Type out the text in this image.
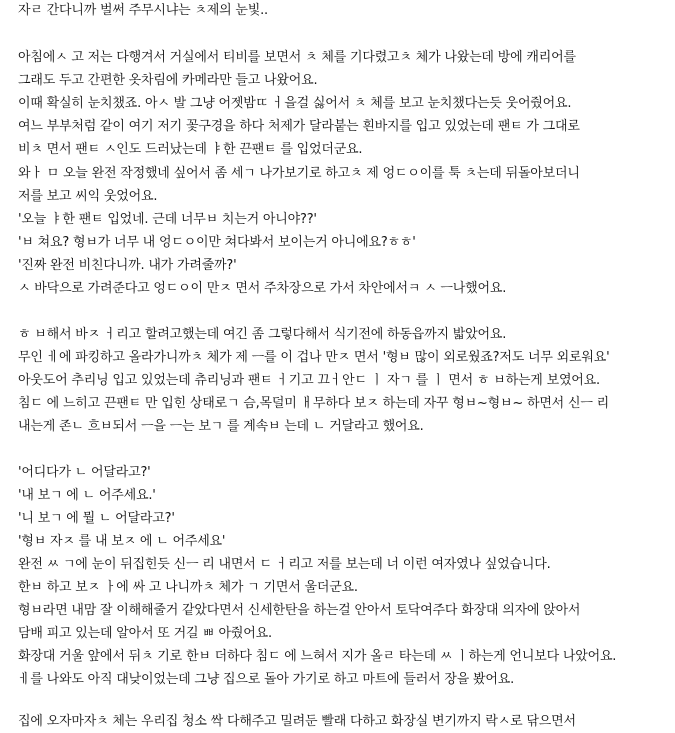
자ㄹ 간다니까 벌써 주무시냐는 ㅊ제의 눈빛..
아침에ㅅ 고 저는 다행겨서 거실에서 티비를 보면서 ㅊ 체를 기다렸고ㅊ 체가 나왔는데 방에 캐리어를
그래도 두고 간편한 옷차림에 카메라만 들고 나왔어요.
이때 확실히 눈치챘죠. 아ㅅ 발 그냥 어젯밤ㄸ ㅓ을걸 싫어서 ㅊ 체를 보고 눈치챘다는듯 웃어줬어요.
여느 부부처럼 같이 여기 저기 꽃구경을 하다 처제가 달라붙는 흰바지를 입고 있었는데 팬ㅌ 가 그대로
비ㅊ 면서 팬ㅌ ㅅ인도 드러났는데 ㅑ한 끈팬ㅌ 를 입었더군요.
와ㅏ ㅁ 오늘 완전 작정했네 싶어서 좀 세ㄱ 나가보기로 하고ㅊ 제 엉ㄷㅇ이를 툭 ㅊ는데 뒤돌아보더니
저를 보고 씨익 웃었어요.
'오늘 ㅑ한 팬ㅌ 입었네. 근데 너무ㅂ 치는거 아니야??'
'ㅂ 쳐요? 형ㅂ가 너무 내 엉ㄷㅇ이만 쳐다봐서 보이는거 아니에요?ㅎㅎ'
'진짜 완전 비친다니까. 내가 가려줄까?'
ㅅ 바닥으로 가려준다고 엉ㄷㅇ이 만ㅈ 면서 주차장으로 가서 차안에서ㅋ ㅅ ㅡ나했어요.
ㅎ ㅂ해서 바ㅈ ㅓ리고 할려고했는데 여긴 좀 그렇다해서 식기전에 하동읍까지 밟았어요.
무인 ㅔ에 파킹하고 올라가니까ㅊ 체가 제 ㅡ를 이 겁나 만ㅈ 면서 '형ㅂ 많이 외로웠죠?저도 너무 외로워요'
아웃도어 추리닝 입고 있었는데 츄리닝과 팬ㅌ ㅓ기고 끄ㅓ안ㄷ ㅣ 자ㄱ 를 ㅣ 면서 ㅎ ㅂ하는게 보였어요.
침ㄷ 에 느히고 끈팬ㅌ 만 입힌 상태로ㄱ 슴,목덜미 ㅐ무하다 보ㅈ 하는데 자꾸 형ㅂ~형ㅂ~ 하면서 신ㅡ 리
내는게 존ㄴ 흐ㅂ되서 ㅡ을 ㅡ는 보ㄱ 를 계속ㅂ 는데 ㄴ 거달라고 했어요.
'어디다가 ㄴ 어달라고?'
'내 보ㄱ 에 ㄴ 어주세요.'
'니 보ㄱ 에 뭘 ㄴ 어달라고?'
'형ㅂ 자ㅈ 를 내 보ㅈ 에 ㄴ 어주세요'
완전 ㅆ ㄱ에 눈이 뒤집힌듯 신ㅡ 리 내면서 ㄷ ㅓ리고 저를 보는데 너 이런 여자였나 싶었습니다.
한ㅂ 하고 보ㅈ ㅏ에 싸 고 나니까ㅊ 체가 ㄱ 기면서 울더군요.
형ㅂ라면 내맘 잘 이해해줄거 같았다면서 신세한탄을 하는걸 안아서 토닥여주다 화장대 의자에 앉아서
담배 피고 있는데 알아서 또 거길 ㅃ 아줬어요.
화장대 거울 앞에서 뒤ㅊ 기로 한ㅂ 더하다 침ㄷ 에 느혀서 지가 올ㄹ 타는데 ㅆ ㅣ하는게 언니보다 나았어요.
ㅔ를 나와도 아직 대낮이었는데 그냥 집으로 돌아 가기로 하고 마트에 들러서 장을 봤어요.
집에 오자마자ㅊ 체는 우리집 청소 싹 다해주고 밀려둔 빨래 다하고 화장실 변기까지 락ㅅ로 닦으면서
